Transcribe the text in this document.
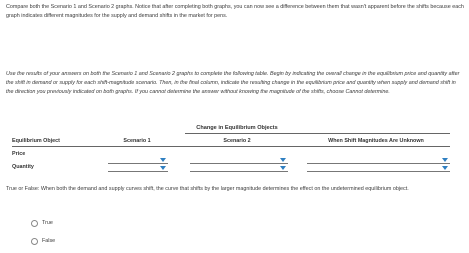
Compare both the Scenario 1 and Scenario 2 graphs. Notice that after completing both graphs, you can now see a difference between them that wasn't apparent before the shifts because each graph indicates different magnitudes for the supply and demand shifts in the market for pens.
Use the results of your answers on both the Scenario 1 and Scenario 2 graphs to complete the following table. Begin by indicating the overall change in the equilibrium price and quantity after the shift in demand or supply for each shift-magnitude scenario. Then, in the final column, indicate the resulting change in the equilibrium price and quantity when supply and demand shift in the direction you previously indicated on both graphs. If you cannot determine the answer without knowing the magnitude of the shifts, choose Cannot determine.
Change in Equilibrium Objects
Equilibrium Object	Scenario 1	Scenario 2	When Shift Magnitudes Are Unknown
Price
Quantity
True or False: When both the demand and supply curves shift, the curve that shifts by the larger magnitude determines the effect on the undetermined equilibrium object.
True
False
